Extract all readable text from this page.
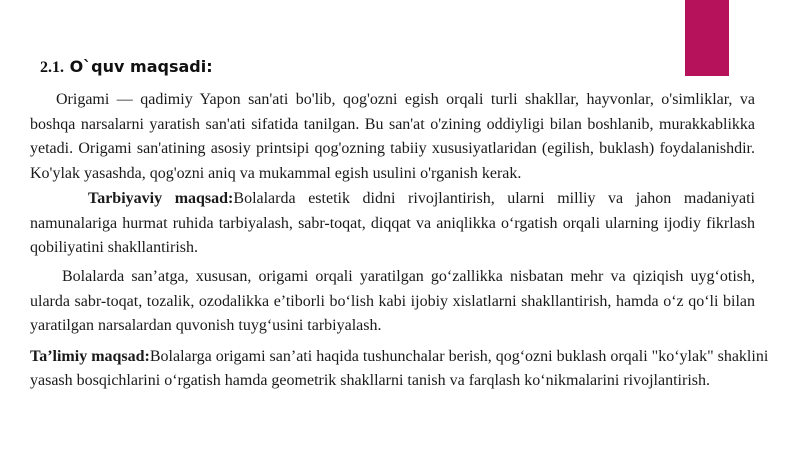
2.1. O`quv maqsadi:

Origami — qadimiy Yapon san'ati bo'lib, qog'ozni egish orqali turli shakllar, hayvonlar, o'simliklar, va boshqa narsalarni yaratish san'ati sifatida tanilgan. Bu san'at o'zining oddiyligi bilan boshlanib, murakkablikka yetadi. Origami san'atining asosiy printsipi qog'ozning tabiiy xususiyatlaridan (egilish, buklash) foydalanishdir. Ko'ylak yasashda, qog'ozni aniq va mukammal egish usulini o'rganish kerak.

Tarbiyaviy maqsad:Bolalarda estetik didni rivojlantirish, ularni milliy va jahon madaniyati namunalariga hurmat ruhida tarbiyalash, sabr-toqat, diqqat va aniqlikka o‘rgatish orqali ularning ijodiy fikrlash qobiliyatini shakllantirish.

Bolalarda san’atga, xususan, origami orqali yaratilgan go‘zallikka nisbatan mehr va qiziqish uyg‘otish, ularda sabr-toqat, tozalik, ozodalikka e’tiborli bo‘lish kabi ijobiy xislatlarni shakllantirish, hamda o‘z qo‘li bilan yaratilgan narsalardan quvonish tuyg‘usini tarbiyalash.

Ta’limiy maqsad:Bolalarga origami san’ati haqida tushunchalar berish, qog‘ozni buklash orqali "ko‘ylak" shaklini yasash bosqichlarini o‘rgatish hamda geometrik shakllarni tanish va farqlash ko‘nikmalarini rivojlantirish.
